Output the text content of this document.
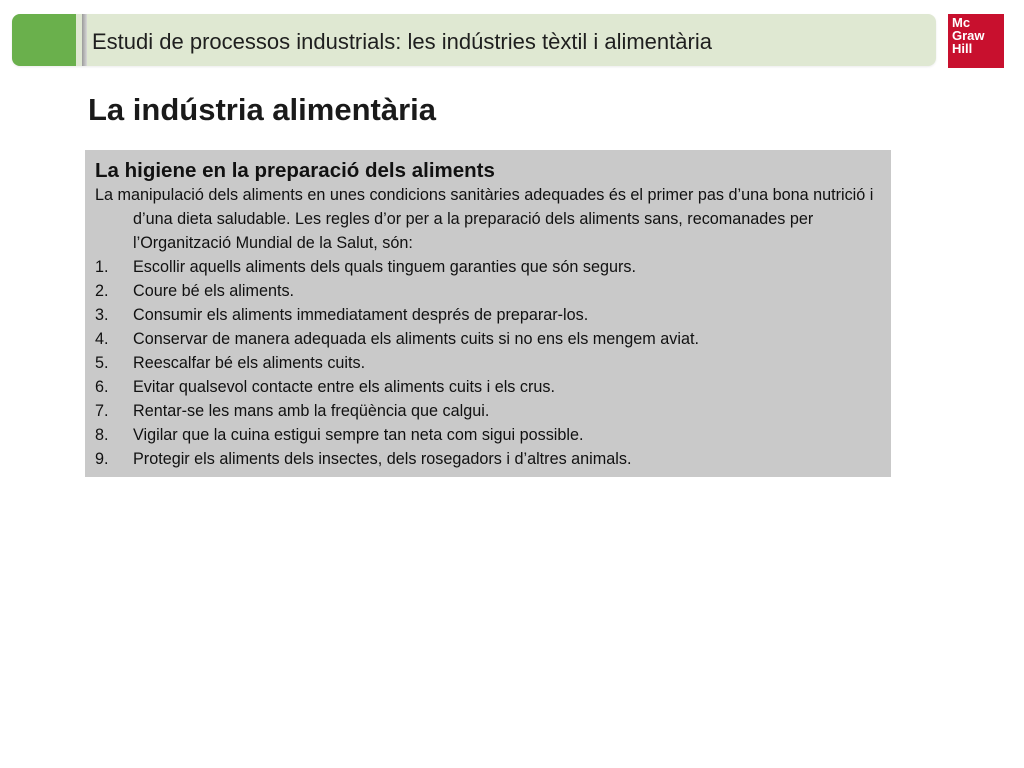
Estudi de processos industrials: les indústries tèxtil i alimentària
Mc
Graw
Hill
La indústria alimentària
La higiene en la preparació dels aliments

La manipulació dels aliments en unes condicions sanitàries adequades és el primer pas d’una bona nutrició i d’una dieta saludable. Les regles d’or per a la preparació dels aliments sans, recomanades per l’Organització Mundial de la Salut, són:

1.	Escollir aquells aliments dels quals tinguem garanties que són segurs.
2.	Coure bé els aliments.
3.	Consumir els aliments immediatament després de preparar-los.
4.	Conservar de manera adequada els aliments cuits si no ens els mengem aviat.
5.	Reescalfar bé els aliments cuits.
6.	Evitar qualsevol contacte entre els aliments cuits i els crus.
7.	Rentar-se les mans amb la freqüència que calgui.
8.	Vigilar que la cuina estigui sempre tan neta com sigui possible.
9.	Protegir els aliments dels insectes, dels rosegadors i d’altres animals.
